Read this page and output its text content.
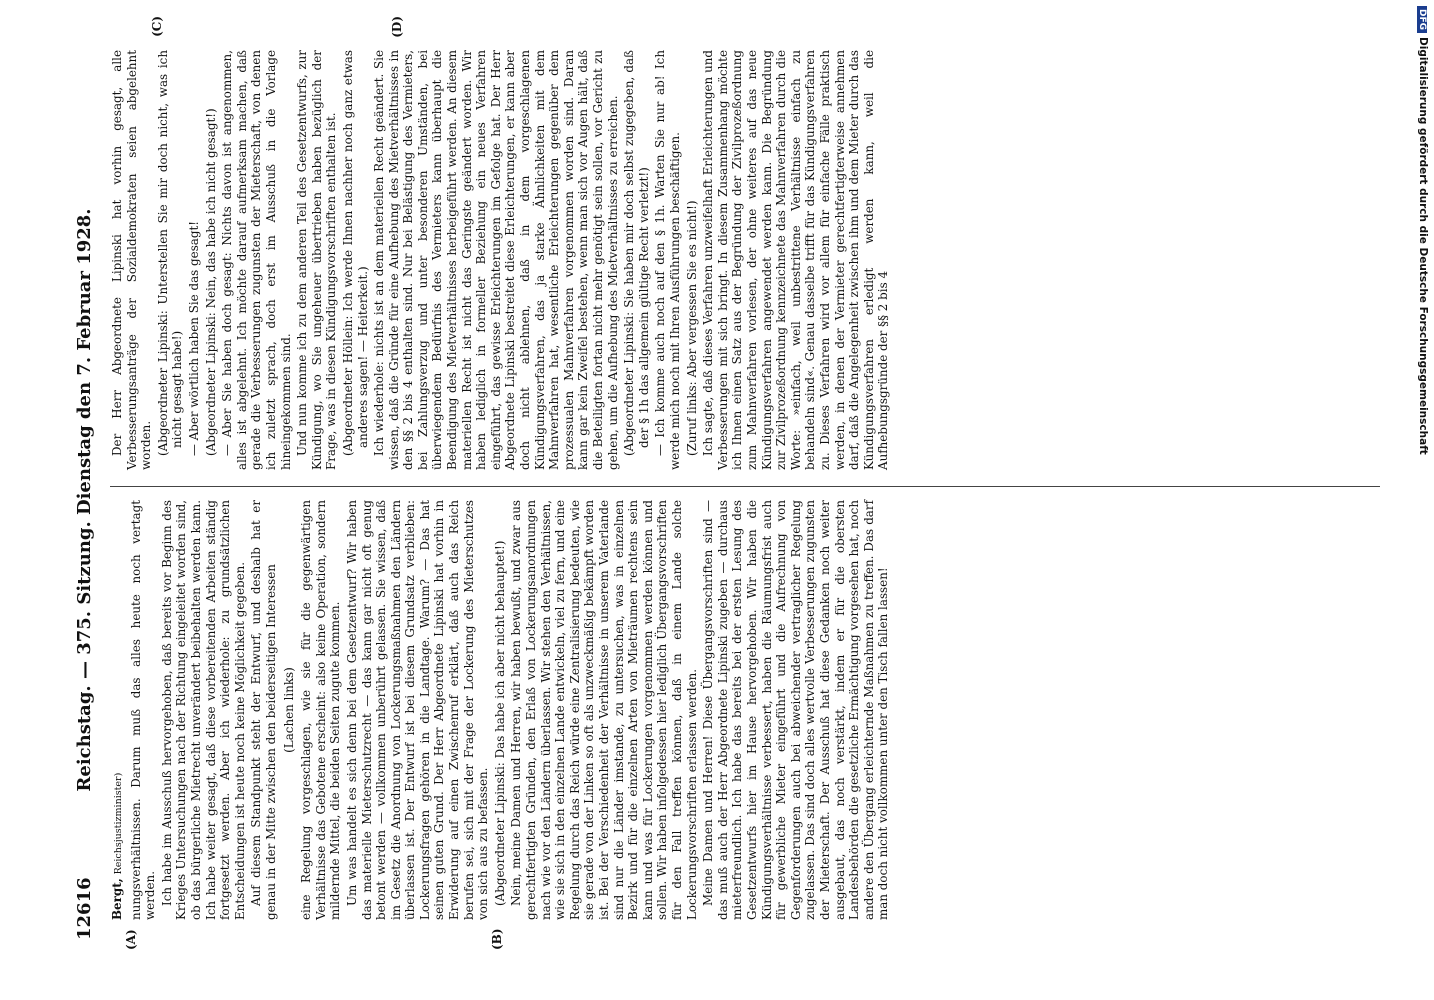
12616
Reichstag. — 375. Sitzung. Dienstag den 7. Februar 1928.
(A)	(B)

Bergt, Reichsjustizminister) nungsverhältnissen. Darum muß das alles heute noch vertagt werden. Ich habe im Ausschuß hervorgehoben, daß bereits vor Beginn des Krieges Untersuchungen nach der Richtung eingeleitet worden sind, ob das bürgerliche Mietrecht unverändert beibehalten werden kann. Ich habe weiter gesagt, daß diese vorbereitenden Arbeiten ständig fortgesetzt werden. Aber ich wiederhole: zu grundsätzlichen Entscheidungen ist heute noch keine Möglichkeit gegeben. Auf diesem Standpunkt steht der Entwurf, und deshalb hat er genau in der Mitte zwischen den beiderseitigen Interessen (Lachen links) eine Regelung vorgeschlagen, wie sie für die gegenwärtigen Verhältnisse das Gebotene erscheint: also keine Operation, sondern mildernde Mittel, die beiden Seiten zugute kommen. Um was handelt es sich denn bei dem Gesetzentwurf? Wir haben das materielle Mieterschutzrecht — das kann gar nicht oft genug betont werden — vollkommen unberührt gelassen. Sie wissen, daß im Gesetz die Anordnung von Lockerungsmaßnahmen den Ländern überlassen ist. Der Entwurf ist bei diesem Grundsatz verblieben: Lockerungsfragen gehören in die Landtage. Warum? — Das hat seinen guten Grund. Der Herr Abgeordnete Lipinski hat vorhin in Erwiderung auf einen Zwischenruf erklärt, daß auch das Reich berufen sei, sich mit der Frage der Lockerung des Mieterschutzes von sich aus zu befassen. (Abgeordneter Lipinski: Das habe ich aber nicht behauptet!) Nein, meine Damen und Herren, wir haben bewußt, und zwar aus gerechtfertigten Gründen, den Erlaß von Lockerungsanordnungen nach wie vor den Ländern überlassen. Wir stehen den Verhältnissen, wie sie sich in den einzelnen Lande entwickeln, viel zu fern, und eine Regelung durch das Reich würde eine Zentralisierung bedeuten, wie sie gerade von der Linken so oft als unzweckmäßig bekämpft worden ist. Bei der Verschiedenheit der Verhältnisse in unserem Vaterlande sind nur die Länder imstande, zu untersuchen, was in einzelnen Bezirk und für die einzelnen Arten von Mieträumen rechtens sein kann und was für Lockerungen vorgenommen werden können und sollen. Wir haben infolgedessen hier lediglich Übergangsvorschriften für den Fall treffen können, daß in einem Lande solche Lockerungsvorschriften erlassen werden. Meine Damen und Herren! Diese Übergangsvorschriften sind — das muß auch der Herr Abgeordnete Lipinski zugeben — durchaus mieterfreundlich. Ich habe das bereits bei der ersten Lesung des Gesetzentwurfs hier im Hause hervorgehoben. Wir haben die Kündigungsverhältnisse verbessert, haben die Räumungsfrist auch für gewerbliche Mieter eingeführt und die Aufrechnung von Gegenforderungen auch bei abweichender vertraglicher Regelung zugelassen. Das sind doch alles wertvolle Verbesserungen zugunsten der Mieterschaft. Der Ausschuß hat diese Gedanken noch weiter ausgebaut, das noch verstärkt, indem er für die obersten Landesbehörden die gesetzliche Ermächtigung vorgesehen hat, noch andere den Übergang erleichternde Maßnahmen zu treffen. Das darf man doch nicht vollkommen unter den Tisch fallen lassen!

(C)	(D)

Der Herr Abgeordnete Lipinski hat vorhin gesagt, alle Verbesserungsanträge der Sozialdemokraten seien abgelehnt worden. (Abgeordneter Lipinski: Unterstellen Sie mir doch nicht, was ich nicht gesagt habe!) — Aber wörtlich haben Sie das gesagt! (Abgeordneter Lipinski: Nein, das habe ich nicht gesagt!) — Aber Sie haben doch gesagt: Nichts davon ist angenommen, alles ist abgelehnt. Ich möchte darauf aufmerksam machen, daß gerade die Verbesserungen zugunsten der Mieterschaft, von denen ich zuletzt sprach, doch erst im Ausschuß in die Vorlage hineingekommen sind. Und nun komme ich zu dem anderen Teil des Gesetzentwurfs, zur Kündigung, wo Sie ungeheuer übertrieben haben bezüglich der Frage, was in diesen Kündigungsvorschriften enthalten ist. (Abgeordneter Höllein: Ich werde Ihnen nachher noch ganz etwas anderes sagen! — Heiterkeit.) Ich wiederhole: nichts ist an dem materiellen Recht geändert. Sie wissen, daß die Gründe für eine Aufhebung des Mietverhältnisses in den §§ 2 bis 4 enthalten sind. Nur bei Belästigung des Vermieters, bei Zahlungsverzug und unter besonderen Umständen, bei überwiegendem Bedürfnis des Vermieters kann überhaupt die Beendigung des Mietverhältnisses herbeigeführt werden. An diesem materiellen Recht ist nicht das Geringste geändert worden. Wir haben lediglich in formeller Beziehung ein neues Verfahren eingeführt, das gewisse Erleichterungen im Gefolge hat. Der Herr Abgeordnete Lipinski bestreitet diese Erleichterungen, er kann aber doch nicht ablehnen, daß in dem vorgeschlagenen Kündigungsverfahren, das ja starke Ähnlichkeiten mit dem Mahnverfahren hat, wesentliche Erleichterungen gegenüber dem prozessualen Mahnverfahren vorgenommen worden sind. Daran kann gar kein Zweifel bestehen, wenn man sich vor Augen hält, daß die Beteiligten fortan nicht mehr genötigt sein sollen, vor Gericht zu gehen, um die Aufhebung des Mietverhältnisses zu erreichen. (Abgeordneter Lipinski: Sie haben mir doch selbst zugegeben, daß der § 1h das allgemein gültige Recht verletzt!) — Ich komme auch noch auf den § 1h. Warten Sie nur ab! Ich werde mich noch mit Ihren Ausführungen beschäftigen. (Zuruf links: Aber vergessen Sie es nicht!) Ich sagte, daß dieses Verfahren unzweifelhaft Erleichterungen und Verbesserungen mit sich bringt. In diesem Zusammenhang möchte ich Ihnen einen Satz aus der Begründung der Zivilprozeßordnung zum Mahnverfahren vorlesen, der ohne weiteres auf das neue Kündigungsverfahren angewendet werden kann. Die Begründung zur Zivilprozeßordnung kennzeichnete das Mahnverfahren durch die Worte: »einfach, weil unbestrittene Verhältnisse einfach zu behandeln sind«. Genau dasselbe trifft für das Kündigungsverfahren zu. Dieses Verfahren wird vor allem für einfache Fälle praktisch werden, in denen der Vermieter gerechtfertigterweise annehmen darf, daß die Angelegenheit zwischen ihm und dem Mieter durch das Kündigungsverfahren erledigt werden kann, weil die Aufhebungsgründe der §§ 2 bis 4

DFGDigitalisierung gefördert durch die Deutsche Forschungsgemeinschaft
